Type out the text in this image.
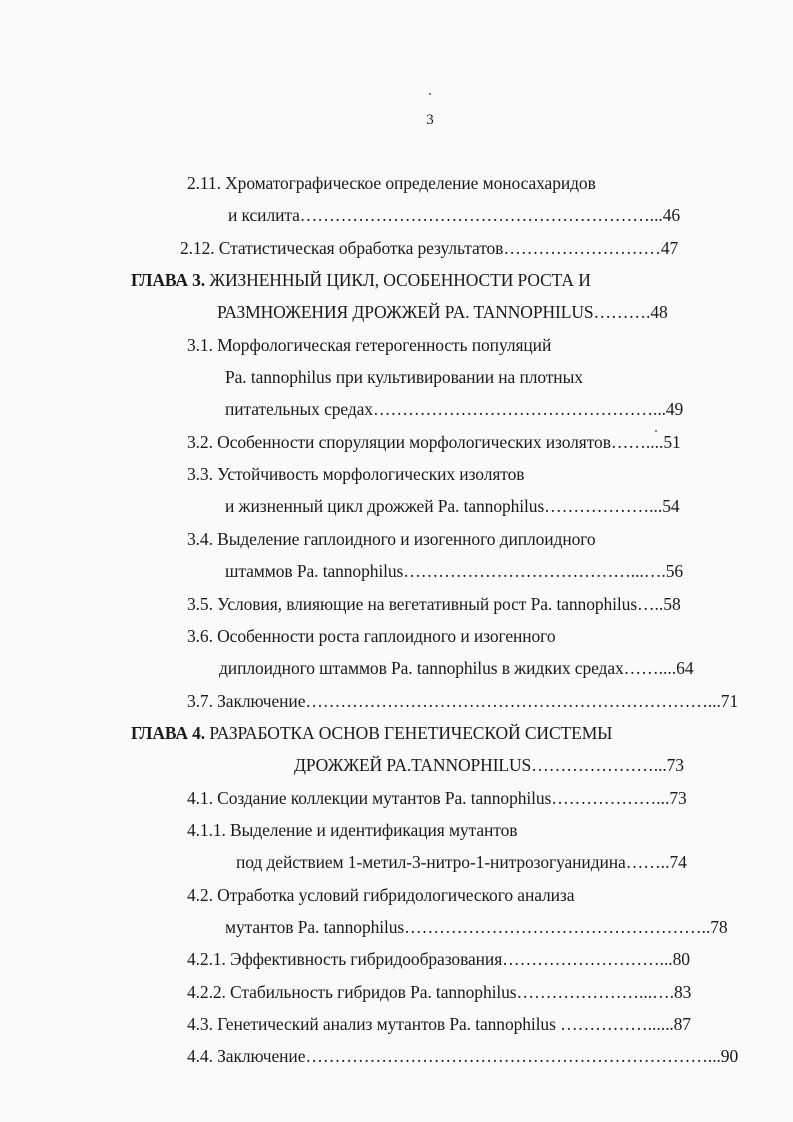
3
2.11. Хроматографическое определение моносахаридов
и ксилита……………………………………………………...46
2.12. Статистическая обработка результатов………………………47
ГЛАВА 3. ЖИЗНЕННЫЙ ЦИКЛ, ОСОБЕННОСТИ РОСТА И
РАЗМНОЖЕНИЯ ДРОЖЖЕЙ PA. TANNOPHILUS……….48
3.1. Морфологическая гетерогенность популяций
Pa. tannophilus при культивировании на плотных
питательных средах…………………………………………...49
3.2. Особенности споруляции морфологических изолятов……....51
3.3. Устойчивость морфологических изолятов
и жизненный цикл дрожжей Pa. tannophilus………………...54
3.4. Выделение гаплоидного и изогенного диплоидного
штаммов Pa. tannophilus…………………………………...….56
3.5. Условия, влияющие на вегетативный рост Pa. tannophilus…..58
3.6. Особенности роста гаплоидного и изогенного
диплоидного штаммов Pa. tannophilus в жидких средах……....64
3.7. Заключение……………………………………………………………...71
ГЛАВА 4. РАЗРАБОТКА ОСНОВ ГЕНЕТИЧЕСКОЙ СИСТЕМЫ
ДРОЖЖЕЙ PA.TANNOPHILUS…………………...73
4.1. Создание коллекции мутантов Pa. tannophilus………………...73
4.1.1. Выделение и идентификация мутантов
под действием 1-метил-3-нитро-1-нитрозогуанидина……..74
4.2. Отработка условий гибридологического анализа
мутантов Pa. tannophilus……………………………………………..78
4.2.1. Эффективность гибридообразования………………………...80
4.2.2. Стабильность гибридов Pa. tannophilus…………………...….83
4.3. Генетический анализ мутантов Pa. tannophilus ……………......87
4.4. Заключение……………………………………………………………...90
